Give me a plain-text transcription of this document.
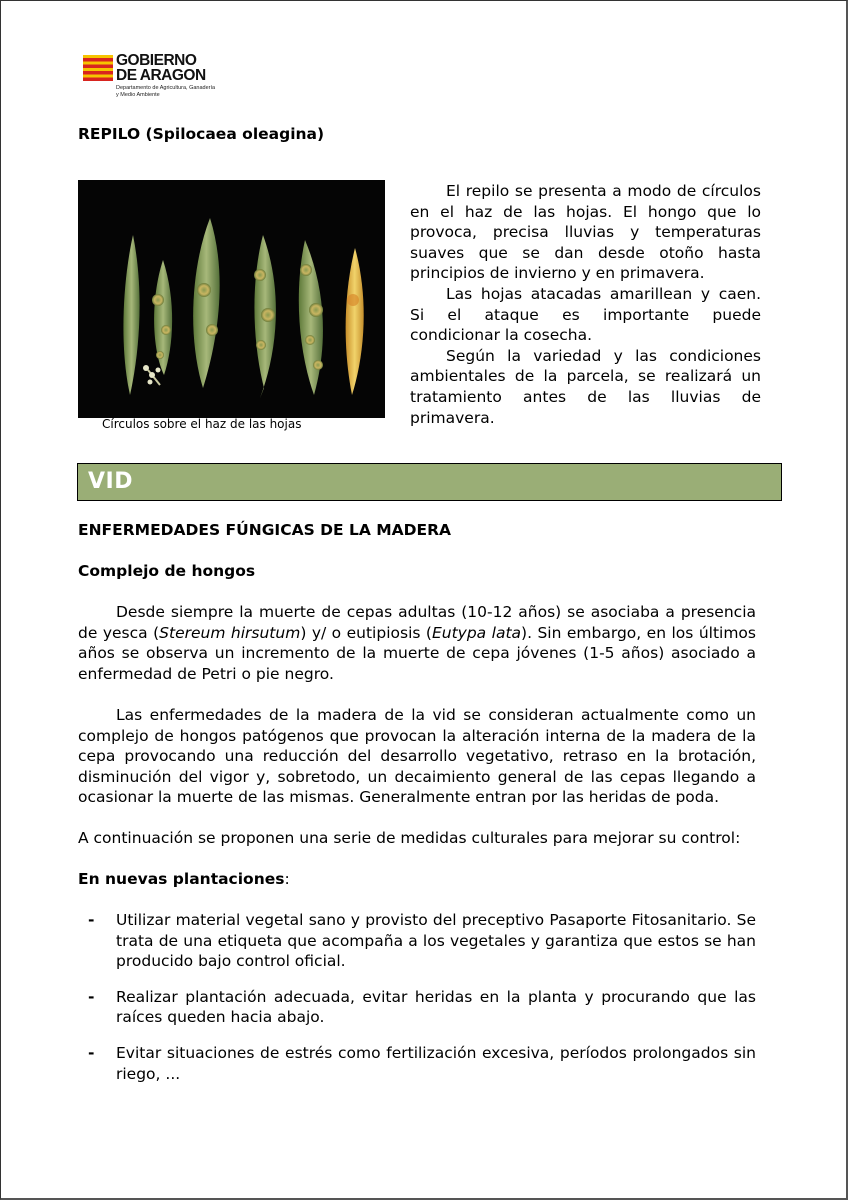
GOBIERNO
DE ARAGON
Departamento de Agricultura, Ganadería y Medio Ambiente
REPILO (Spilocaea oleagina)
Círculos sobre el haz de las hojas

El repilo se presenta a modo de círculos en el haz de las hojas. El hongo que lo provoca, precisa lluvias y temperaturas suaves que se dan desde otoño hasta principios de invierno y en primavera.

Las hojas atacadas amarillean y caen. Si el ataque es importante puede condicionar la cosecha.

Según la variedad y las condiciones ambientales de la parcela, se realizará un tratamiento antes de las lluvias de primavera.

VID
ENFERMEDADES FÚNGICAS DE LA MADERA
Complejo de hongos
Desde siempre la muerte de cepas adultas (10-12 años) se asociaba a presencia de yesca (Stereum hirsutum) y/ o eutipiosis (Eutypa lata). Sin embargo, en los últimos años se observa un incremento de la muerte de cepa jóvenes (1-5 años) asociado a enfermedad de Petri o pie negro.
Las enfermedades de la madera de la vid se consideran actualmente como un complejo de hongos patógenos que provocan la alteración interna de la madera de la cepa provocando una reducción del desarrollo vegetativo, retraso en la brotación, disminución del vigor y, sobretodo, un decaimiento general de las cepas llegando a ocasionar la muerte de las mismas. Generalmente entran por las heridas de poda.
A continuación se proponen una serie de medidas culturales para mejorar su control:
En nuevas plantaciones:
- Utilizar material vegetal sano y provisto del preceptivo Pasaporte Fitosanitario. Se trata de una etiqueta que acompaña a los vegetales y garantiza que estos se han producido bajo control oficial.
- Realizar plantación adecuada, evitar heridas en la planta y procurando que las raíces queden hacia abajo.
- Evitar situaciones de estrés como fertilización excesiva, períodos prolongados sin riego, ...
